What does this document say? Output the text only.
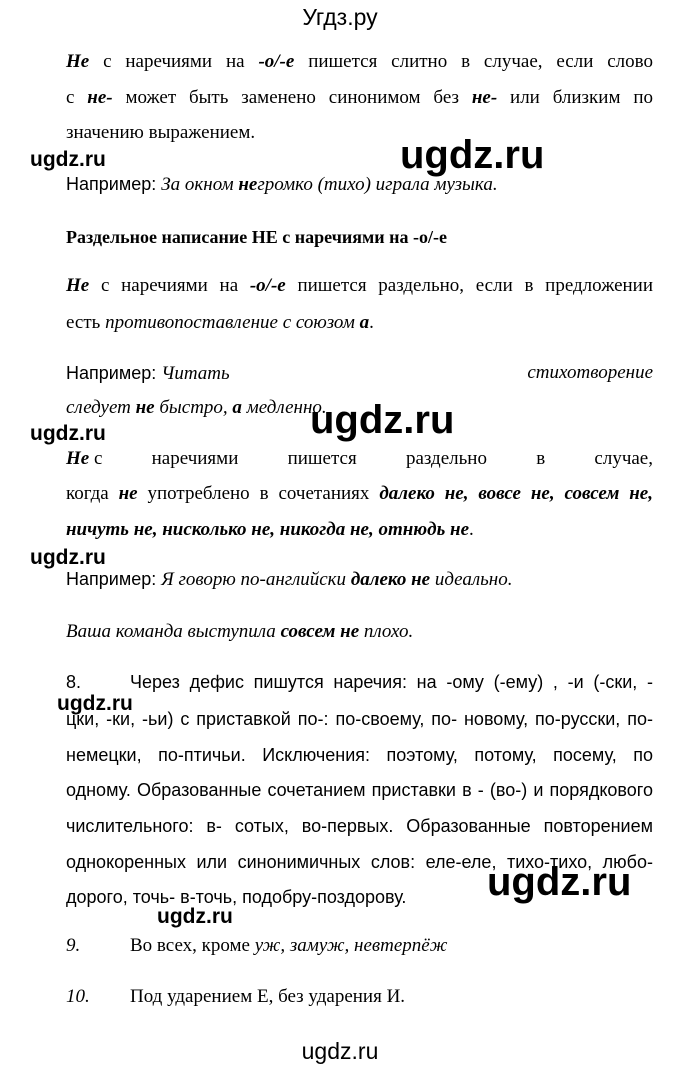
Угдз.ру
Не с наречиями на -о/-е пишется слитно в случае, если слово
с не- может быть заменено синонимом без не- или близким по
значению выражением.
ugdz.ru	ugdz.ru
Например: За окном негромко (тихо) играла музыка.
Раздельное написание НЕ с наречиями на -о/-е
Не с наречиями на -о/-е пишется раздельно, если в предложении
есть противопоставление с союзом а.
Например: Читать	стихотворение
следует не быстро, а медленно.
ugdz.ru
ugdz.ru
Не с	наречиями	пишется	раздельно	в	случае,
когда не употреблено в сочетаниях далеко не, вовсе не, совсем не,
ничуть не, нисколько не, никогда не, отнюдь не.
ugdz.ru
Например: Я говорю по-английски далеко не идеально.
Ваша команда выступила совсем не плохо.
8.	Через дефис пишутся наречия: на -ому (-ему) , -и (-ски, -
ugdz.ru
цки, -ки, -ьи) с приставкой по-: по-своему, по- новому, по-русски, по-
немецки, по-птичьи. Исключения: поэтому, потому, посему, по
одному. Образованные сочетанием приставки в - (во-) и порядкового
числительного: в- сотых, во-первых. Образованные повторением
однокоренных или синонимичных слов: еле-еле, тихо-тихо, любо-
дорого, точь- в-точь, подобру-поздорову.	ugdz.ru
ugdz.ru
9.	Во всех, кроме уж, замуж, невтерпёж
10. Под ударением Е, без ударения И.
ugdz.ru
